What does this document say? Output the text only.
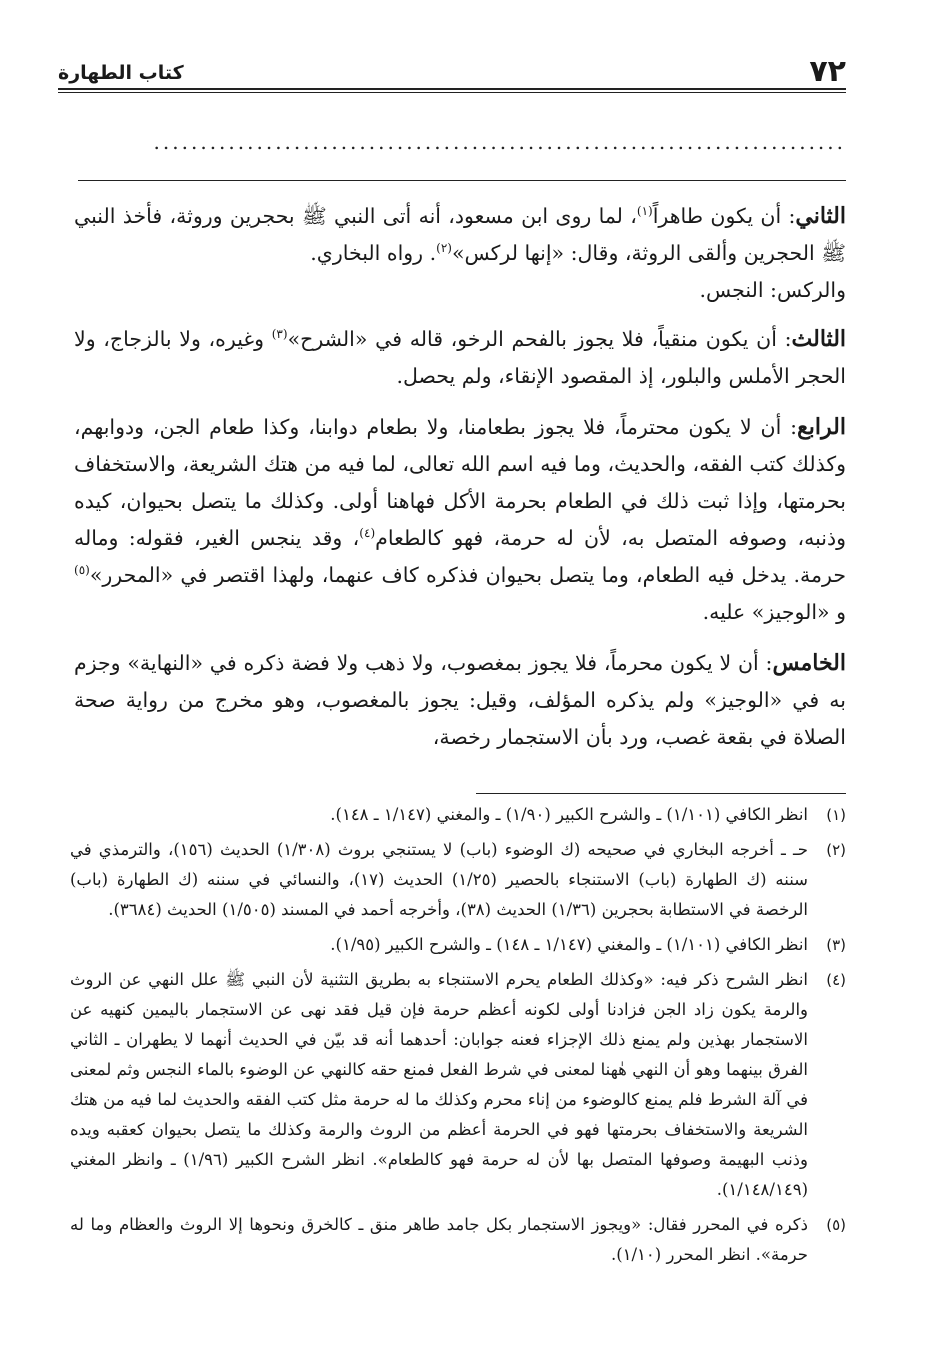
٧٢
كتاب الطهارة
..........................................................................

الثاني: أن يكون طاهراً$^{(١)}$، لما روى ابن مسعود، أنه أتى النبي ﷺ بحجرين وروثة، فأخذ النبي ﷺ الحجرين وألقى الروثة، وقال: «إنها لركس»$^{(٢)}$. رواه البخاري.
والركس: النجس.

الثالث: أن يكون منقياً، فلا يجوز بالفحم الرخو، قاله في «الشرح»$^{(٣)}$ وغيره، ولا بالزجاج، ولا الحجر الأملس والبلور، إذ المقصود الإنقاء، ولم يحصل.

الرابع: أن لا يكون محترماً، فلا يجوز بطعامنا، ولا بطعام دوابنا، وكذا طعام الجن، ودوابهم، وكذلك كتب الفقه، والحديث، وما فيه اسم الله تعالى، لما فيه من هتك الشريعة، والاستخفاف بحرمتها، وإذا ثبت ذلك في الطعام بحرمة الأكل فهاهنا أولى. وكذلك ما يتصل بحيوان، كيده وذنبه، وصوفه المتصل به، لأن له حرمة، فهو كالطعام$^{(٤)}$، وقد ينجس الغير، فقوله: وماله حرمة. يدخل فيه الطعام، وما يتصل بحيوان فذكره كاف عنهما، ولهذا اقتصر في «المحرر»$^{(٥)}$ و «الوجيز» عليه.

الخامس: أن لا يكون محرماً، فلا يجوز بمغصوب، ولا ذهب ولا فضة ذكره في «النهاية» وجزم به في «الوجيز» ولم يذكره المؤلف، وقيل: يجوز بالمغصوب، وهو مخرج من رواية صحة الصلاة في بقعة غصب، ورد بأن الاستجمار رخصة،

(١)
انظر الكافي (١/١٠١) ـ والشرح الكبير (١/٩٠) ـ والمغني (١/١٤٧ ـ ١٤٨).
(٢)
حـ ـ أخرجه البخاري في صحيحه (ك الوضوء (باب) لا يستنجي بروث (١/٣٠٨) الحديث (١٥٦)، والترمذي في سننه (ك الطهارة (باب) الاستنجاء بالحصير (١/٢٥) الحديث (١٧)، والنسائي في سننه (ك الطهارة (باب) الرخصة في الاستطابة بحجرين (١/٣٦) الحديث (٣٨)، وأخرجه أحمد في المسند (١/٥٠٥) الحديث (٣٦٨٤).
(٣)
انظر الكافي (١/١٠١) ـ والمغني (١/١٤٧ ـ ١٤٨) ـ والشرح الكبير (١/٩٥).
(٤)
انظر الشرح ذكر فيه: «وكذلك الطعام يحرم الاستنجاء به بطريق التثنية لأن النبي ﷺ علل النهي عن الروث والرمة يكون زاد الجن فزادنا أولى لكونه أعظم حرمة فإن قيل فقد نهى عن الاستجمار باليمين كنهيه عن الاستجمار بهذين ولم يمنع ذلك الإجزاء فعنه جوابان: أحدهما أنه قد بيّن في الحديث أنهما لا يطهران ـ الثاني الفرق بينهما وهو أن النهي هٰهنا لمعنى في شرط الفعل فمنع حقه كالنهي عن الوضوء بالماء النجس وثم لمعنى في آلة الشرط فلم يمنع كالوضوء من إناء محرم وكذلك ما له حرمة مثل كتب الفقه والحديث لما فيه من هتك الشريعة والاستخفاف بحرمتها فهو في الحرمة أعظم من الروث والرمة وكذلك ما يتصل بحيوان كعقبه ويده وذنب البهيمة وصوفها المتصل بها لأن له حرمة فهو كالطعام». انظر الشرح الكبير (١/٩٦) ـ وانظر المغني (١/١٤٨/١٤٩).
(٥)
ذكره في المحرر فقال: «ويجوز الاستجمار بكل جامد طاهر منق ـ كالخرق ونحوها إلا الروث والعظام وما له حرمة». انظر المحرر (١/١٠).
